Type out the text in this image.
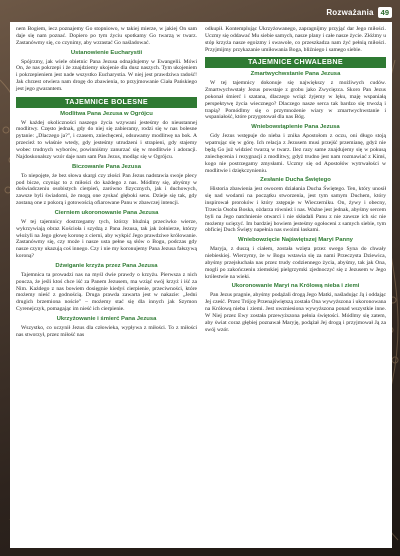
Rozważania 49

nem Bogiem, iecz poznajemy Go stopniowo, w takiej mierze, w jakiej On sam daje się nam poznać. Dopiero po tym życiu spotkamy Go twarzą w twarz. Zastanówmy się, co czynimy, aby wzrastać Go naśladować.

Ustanowienie Eucharystii

Spójrzmy, jak wiele obietnic Pana Jezusa odnajdujemy w Ewangelii. Mówi On, że nas pokrzepi i że znajdziemy ukojenie dla dusz naszych. Tym ukojeniem i pokrzepieniem jest nade wszystko Eucharystia. W niej jest prawdziwa radość! Jak chrzest otwiera nam drogę do zbawienia, to przyjmowanie Ciała Pańskiego jest jego gwarantem.

TAJEMNICE BOLESNE
Modlitwa Pana Jezusa w Ogrójcu

W każdej okoliczności naszego życia wzywani jesteśmy do nieustannej modlitwy. Często jednak, gdy do niej się zabieramy, rodzi się w nas bolesne pytanie: „Dlaczego ja?", i czasem, zniechęceni, odsuwamy modlitwę na bok. A przecież to właśnie wtedy, gdy jesteśmy utrudzeni i strapieni, gdy stajemy wobec trudnych wyborów, powinniśmy zanurzać się w modlitwie i adoracji. Najdoskonalszy wzór daje nam sam Pan Jezus, modląc się w Ogrójcu.

Biczowanie Pana Jezusa

To niepojęte, że bez słowa skargi czy złości Pan Jezus nadstawia swoje plecy pod bicze, czyniąc to z miłości do każdego z nas. Módlmy się, abyśmy w doświadczeniu osobistych cierpień, zarówno fizycznych, jak i duchowych, zawsze byli świadomi, że mogą one zyskać głęboki sens. Dzieje się tak, gdy zostaną one z pokorą i gotowością ofiarowane Panu w zbawczej intencji.

Cierniem ukoronowanie Pana Jezusa

W tej tajemnicy dostrzegamy tych, którzy bluźnią przeciwko wierze, wykrzywiają obraz Kościoła i szydzą z Pana Jezusa, tak jak żołnierze, którzy włożyli na Jego głowę koronę z cierni, aby wykpić Jego prawdziwe królowanie. Zastanówmy się, czy może i nasze usta pełne są słów o Bogu, podczas gdy nasze czyny ukazują coś innego. Czy i nie my koronujemy Pana Jezusa fałszywą koroną?

Dźwiganie krzyża przez Pana Jezusa

Tajemnica ta prowadzi nas na myśl dwie prawdy o krzyżu. Pierwsza z nich poucza, że jeśli ktoś chce iść za Panem Jezusem, ma wziąć swój krzyż i iść za Nim. Każdego z nas bowiem dosięgnie kiedyś cierpienie, przeciwności, które możemy nieść z godnością. Druga prawda zawarta jest w nakazie: „Jedni drugich brzemiona noście" – możemy stać się dla innych jak Szymon Cyrenejczyk, pomagając im nieść ich cierpienie.

Ukrzyżowanie i śmierć Pana Jezusa

Wszystko, co uczynił Jezus dla człowieka, wypływa z miłości. To z miłości nas stworzył, przez miłość nas

odkupił. Kontemplując Ukrzyżowanego, zapragnijmy przyjąć dar Jego miłości. Uczmy się oddawać Mu siebie samych, nasze plany i całe nasze życie. Złóżmy u stóp krzyża nasze egoizmy i swawole, co przeszkadza nam żyć pełnią miłości. Przyjmijmy przykazanie umiłowania Boga, bliźniego i samego siebie.

TAJEMNICE CHWALEBNE
Zmartwychwstanie Pana Jezusa

W tej tajemnicy dokonuje się największy z możliwych cudów. Zmartwychwstały Jezus powstaje z grobu jako Zwycięzca. Skoro Pan Jezus pokonał śmierć i szatana, dlaczego wciąż żyjemy w lęku, maję wspaniałą perspektywę życia wiecznego? Dlaczego nasze serca tak bardzo się trwożą i trapią? Pomódlmy się o przymnożenie wiary w zmartwychwstanie i wspaniałość, które przygotował dla nas Bóg.

Wniebowstąpienie Pana Jezusa

Gdy Jezus wstępuje do nieba i znika Apostołom z oczu, oni długo stoją wpatrując się w górę. Ich relacja z Jezusem musi przejść przemianę, gdyż nie będą Go już widzieć twarzą w twarz. Ilez razy same znajdujemy się w pokusą zniechęcenia i rezygnacji z modlitwy, gdyż trudno jest nam rozmawiać z Kimś, kogo nie postrzegamy zmysłami. Uczmy się od Apostołów wytrwałości w modlitwie i dziękczynieniu.

Zesłanie Ducha Świętego

Historia zbawienia jest owocem działania Ducha Świętego. Ten, który unosił się nad wodami na początku stworzenia, jest tym samym Duchem, który inspirował proroków i który zstępuje w Wieczerniku. On, żywy i obecny, Trzecia Osoba Boska, ożdarza również i nas. Ważne jest jednak, abyśmy sercem byli na Jego natchnienie otwarci i nie składali Panu z nie zawsze ich sic nie możemy ucięzyć. Im bardziej bowiem jesteśmy ogołoceni z samych siebie, tym obficiej Duch Święty napełnia nas swoimi łaskami.

Wniebowzięcie Najświętszej Maryi Panny

Maryja, z duszą i ciałem, została wzięta przez swego Syna do chwały niebieskiej. Wierzymy, że w Bogu wstawia się za nami Przeczysta Dziewica, abyśmy przejsłuchała nas przez trudy codziennego życia, abyśmy, tak jak Ona, mogli po zakończeniu ziemskiej pielgrzymki zjednoczyć się z Jezusem w Jego królestwie na wieki.

Ukoronowanie Maryi na Królową nieba i ziemi

Pan Jezus pragnie, abyśmy podążali drogą Jego Matki, naśladując Ją i oddając Jej cześć. Przez Trójcę Przenajświętszą została Ona wywyższona i ukoronowana na Królową nieba i ziemi. Jest uwzniesiona wywyższona ponad wszystkie inne. W Niej przez Ewy została przewyższona pełnia świętości. Módlmy się zatem, aby świat coraz głębiej poznawał Maryję, podążał Jej drogą i przyjmował Ją za swój wzór.
